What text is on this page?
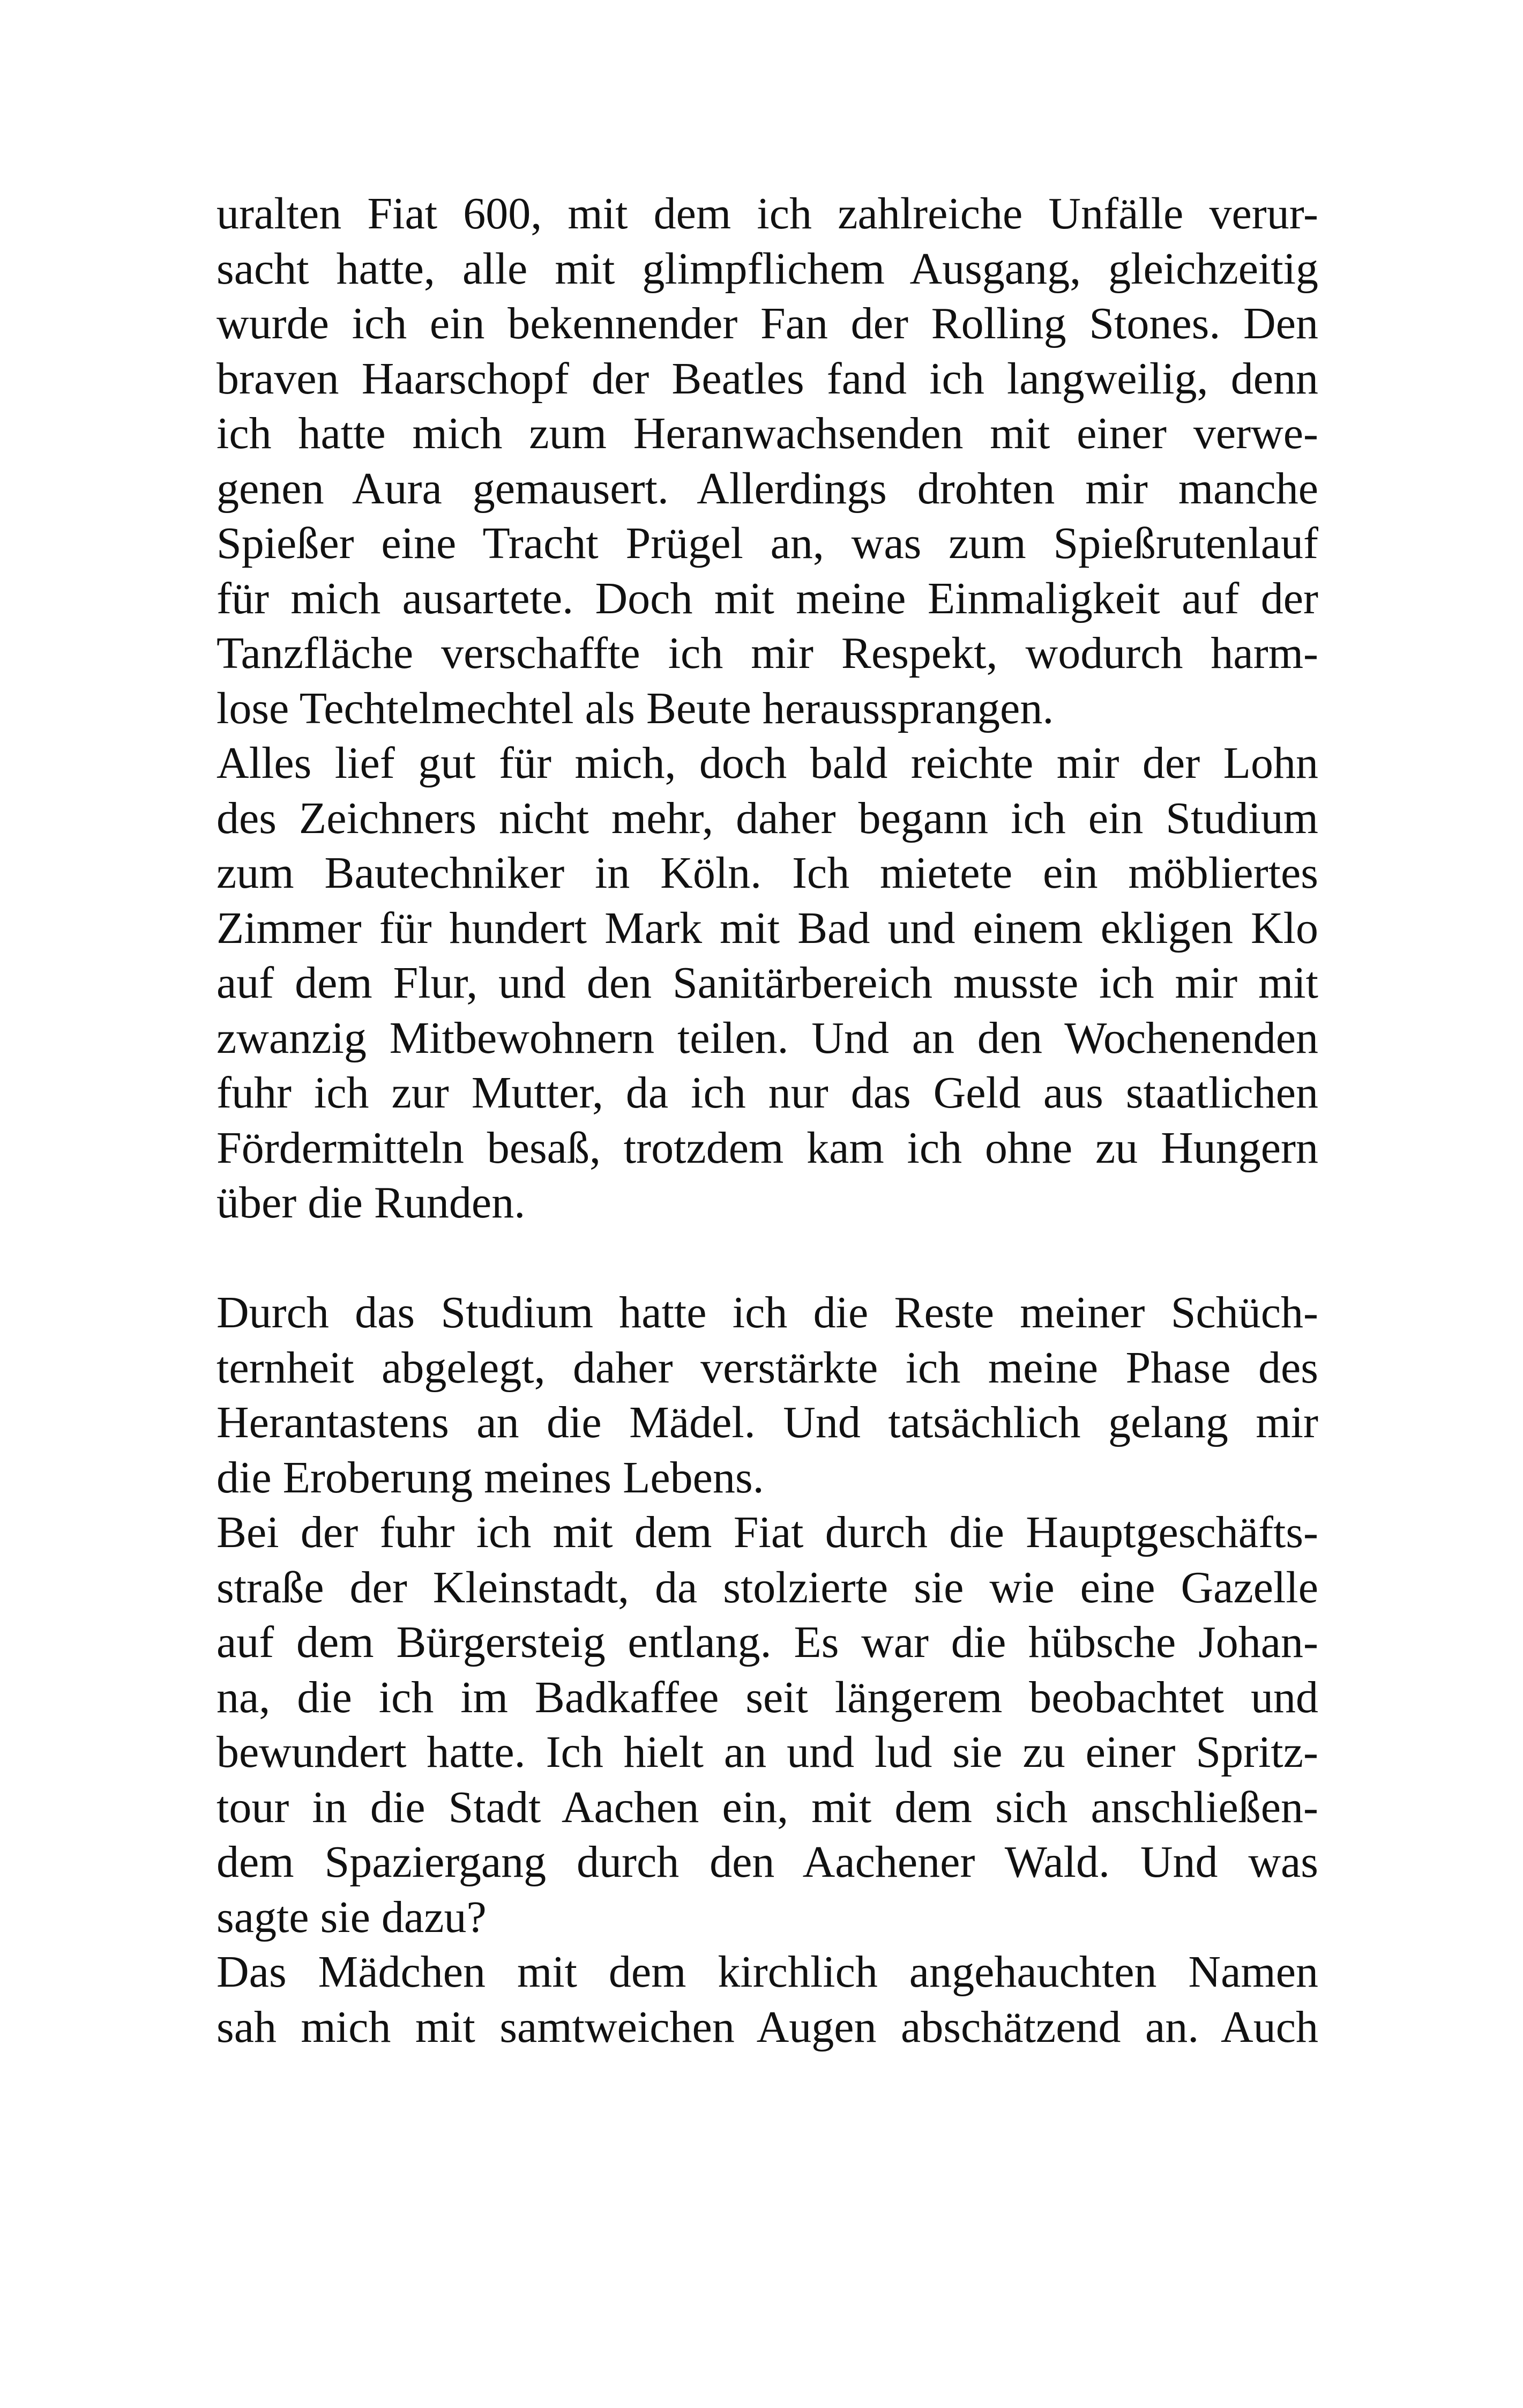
uralten Fiat 600, mit dem ich zahlreiche Unfälle verur-
sacht hatte, alle mit glimpflichem Ausgang, gleichzeitig
wurde ich ein bekennender Fan der Rolling Stones. Den
braven Haarschopf der Beatles fand ich langweilig, denn
ich hatte mich zum Heranwachsenden mit einer verwe-
genen Aura gemausert. Allerdings drohten mir manche
Spießer eine Tracht Prügel an, was zum Spießrutenlauf
für mich ausartete. Doch mit meine Einmaligkeit auf der
Tanzfläche verschaffte ich mir Respekt, wodurch harm-
lose Techtelmechtel als Beute heraussprangen.
Alles lief gut für mich, doch bald reichte mir der Lohn
des Zeichners nicht mehr, daher begann ich ein Studium
zum Bautechniker in Köln. Ich mietete ein möbliertes
Zimmer für hundert Mark mit Bad und einem ekligen Klo
auf dem Flur, und den Sanitärbereich musste ich mir mit
zwanzig Mitbewohnern teilen. Und an den Wochenenden
fuhr ich zur Mutter, da ich nur das Geld aus staatlichen
Fördermitteln besaß, trotzdem kam ich ohne zu Hungern
über die Runden.
Durch das Studium hatte ich die Reste meiner Schüch-
ternheit abgelegt, daher verstärkte ich meine Phase des
Herantastens an die Mädel. Und tatsächlich gelang mir
die Eroberung meines Lebens.
Bei der fuhr ich mit dem Fiat durch die Hauptgeschäfts-
straße der Kleinstadt, da stolzierte sie wie eine Gazelle
auf dem Bürgersteig entlang. Es war die hübsche Johan-
na, die ich im Badkaffee seit längerem beobachtet und
bewundert hatte. Ich hielt an und lud sie zu einer Spritz-
tour in die Stadt Aachen ein, mit dem sich anschließen-
dem Spaziergang durch den Aachener Wald. Und was
sagte sie dazu?
Das Mädchen mit dem kirchlich angehauchten Namen
sah mich mit samtweichen Augen abschätzend an. Auch
